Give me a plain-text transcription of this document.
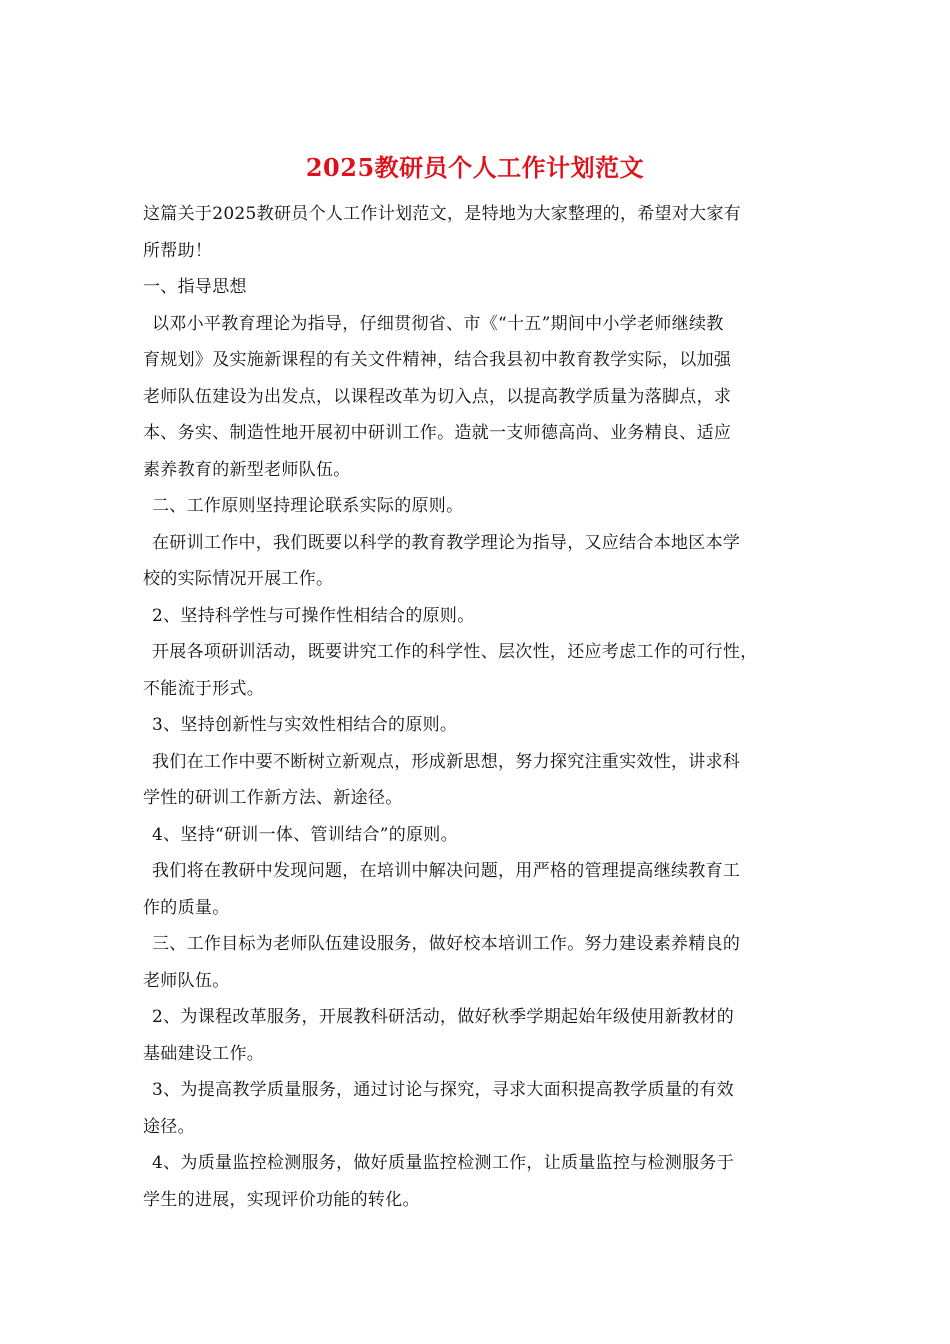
2025教研员个人工作计划范文
这篇关于2025教研员个人工作计划范文，是特地为大家整理的，希望对大家有
所帮助！
一、指导思想
以邓小平教育理论为指导，仔细贯彻省、市《“十五”期间中小学老师继续教
育规划》及实施新课程的有关文件精神，结合我县初中教育教学实际，以加强
老师队伍建设为出发点，以课程改革为切入点，以提高教学质量为落脚点，求
本、务实、制造性地开展初中研训工作。造就一支师德高尚、业务精良、适应
素养教育的新型老师队伍。
二、工作原则坚持理论联系实际的原则。
在研训工作中，我们既要以科学的教育教学理论为指导，又应结合本地区本学
校的实际情况开展工作。
2、坚持科学性与可操作性相结合的原则。
开展各项研训活动，既要讲究工作的科学性、层次性，还应考虑工作的可行性，
不能流于形式。
3、坚持创新性与实效性相结合的原则。
我们在工作中要不断树立新观点，形成新思想，努力探究注重实效性，讲求科
学性的研训工作新方法、新途径。
4、坚持“研训一体、管训结合”的原则。
我们将在教研中发现问题，在培训中解决问题，用严格的管理提高继续教育工
作的质量。
三、工作目标为老师队伍建设服务，做好校本培训工作。努力建设素养精良的
老师队伍。
2、为课程改革服务，开展教科研活动，做好秋季学期起始年级使用新教材的
基础建设工作。
3、为提高教学质量服务，通过讨论与探究，寻求大面积提高教学质量的有效
途径。
4、为质量监控检测服务，做好质量监控检测工作，让质量监控与检测服务于
学生的进展，实现评价功能的转化。
